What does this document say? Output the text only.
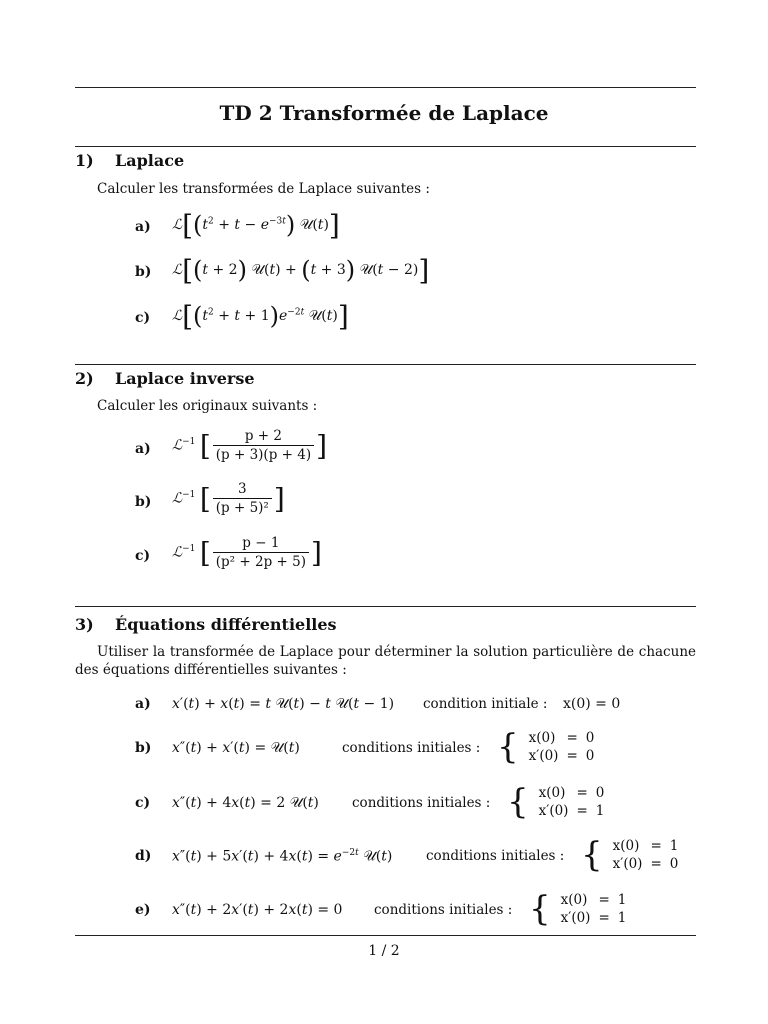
TD 2 Transformée de Laplace
1) Laplace
Calculer les transformées de Laplace suivantes :
a) $ℒ[(t^2 + t - e^{-3t})$ 𝒰(t)]
b) ℒ[(t + 2) 𝒰(t) + (t + 3) 𝒰(t − 2)]
c) $ℒ[(t^2 + t + 1)e^{-2t}$ 𝒰(t)]
2) Laplace inverse
Calculer les originaux suivants :
a) ℒ$^{-1}$ [ $\frac{p + 2}{(p + 3)(p + 4)}$ ]
b) ℒ$^{-1}$ [ $\frac{3}{\text{(p + 5)²}}$ ]
c) ℒ$^{-1}$ [ $\frac{p - 1}{\text{(p² + 2p + 5)}}$ ]
3) Équations différentielles
Utiliser la transformée de Laplace pour déterminer la solution particulière de chacune des équations différentielles suivantes :
a) x′(t) + x(t) = t 𝒰(t) − t 𝒰(t − 1) condition initiale : x(0) = 0
b) x″(t) + x′(t) = 𝒰(t)	conditions initiales : {	x(0)	=	0
	x′(0)	=	0
c) x″(t) + 4x(t) = 2 𝒰(t) conditions initiales : {	x(0)	=	0
	x′(0)	=	1
d) $x''(t) + 5x'(t) + 4x(t) = e^{-2t}$ 𝒰(t) conditions initiales : {	x(0)	=	1
	x′(0)	=	0
e) x″(t) + 2x′(t) + 2x(t) = 0 conditions initiales : {	x(0)	=	1
	x′(0)	=	1
1 / 2
